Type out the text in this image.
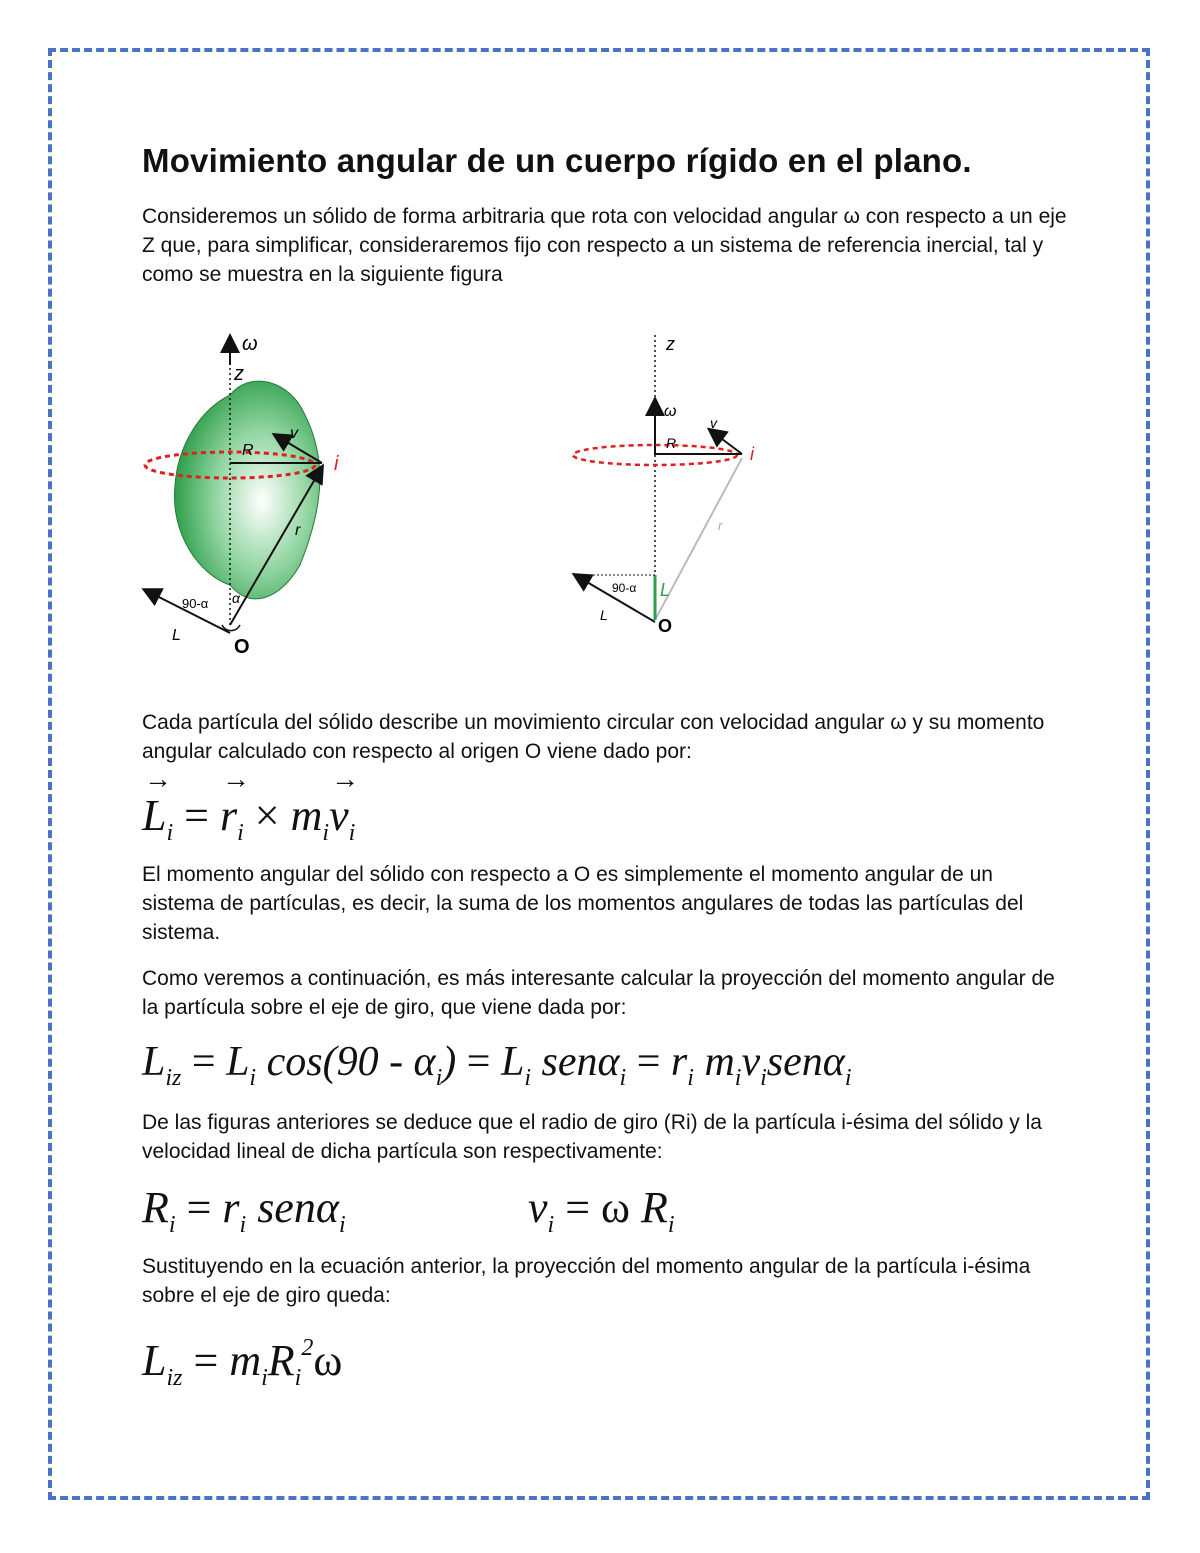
Movimiento angular de un cuerpo rígido en el plano.
Consideremos un sólido de forma arbitraria que rota con velocidad angular ω con respecto a un eje Z que, para simplificar, consideraremos fijo con respecto a un sistema de referencia inercial, tal y como se muestra en la siguiente figura
ω
z
R
v
i
r
90-α α
L
O
z
ω
R
v
i
r
90-α L
L
O
Cada partícula del sólido describe un movimiento circular con velocidad angular ω y su momento angular calculado con respecto al origen O viene dado por:
→ $L_i$ = → $r_i \times m_i\to v_i$
El momento angular del sólido con respecto a O es simplemente el momento angular de un sistema de partículas, es decir, la suma de los momentos angulares de todas las partículas del sistema.
Como veremos a continuación, es más interesante calcular la proyección del momento angular de la partícula sobre el eje de giro, que viene dada por:
$L_{iz} = L_i$ $\cos(90 - \alpha_i) = L_i$ $sen\alpha_i = r_i$ $m_iv_isen\alpha_i$
De las figuras anteriores se deduce que el radio de giro (Ri) de la partícula i-ésima del sólido y la velocidad lineal de dicha partícula son respectivamente:
$R_i = r_i$ senα$_i$	$v_i = \omega$ $R_i$
Sustituyendo en la ecuación anterior, la proyección del momento angular de la partícula i-ésima sobre el eje de giro queda:
$L_{iz} = m_iR_i^2\omega$
